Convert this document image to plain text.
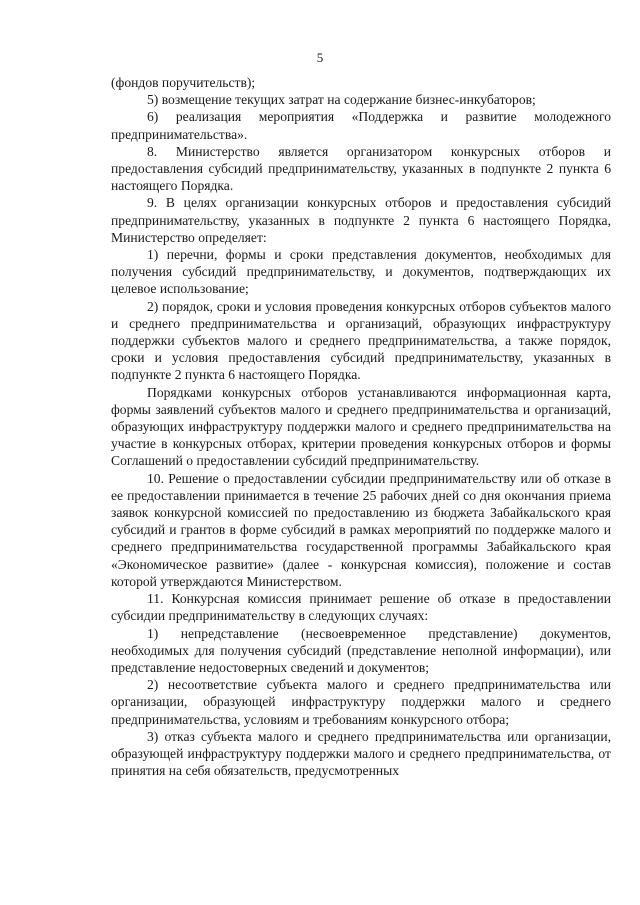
5

(фондов поручительств);

5) возмещение текущих затрат на содержание бизнес-инкубаторов;

6) реализация мероприятия «Поддержка и развитие молодежного предпринимательства».

8. Министерство является организатором конкурсных отборов и предоставления субсидий предпринимательству, указанных в подпункте 2 пункта 6 настоящего Порядка.

9. В целях организации конкурсных отборов и предоставления субсидий предпринимательству, указанных в подпункте 2 пункта 6 настоящего Порядка, Министерство определяет:

1) перечни, формы и сроки представления документов, необходимых для получения субсидий предпринимательству, и документов, подтверждающих их целевое использование;

2) порядок, сроки и условия проведения конкурсных отборов субъектов малого и среднего предпринимательства и организаций, образующих инфраструктуру поддержки субъектов малого и среднего предпринимательства, а также порядок, сроки и условия предоставления субсидий предпринимательству, указанных в подпункте 2 пункта 6 настоящего Порядка.

Порядками конкурсных отборов устанавливаются информационная карта, формы заявлений субъектов малого и среднего предпринимательства и организаций, образующих инфраструктуру поддержки малого и среднего предпринимательства на участие в конкурсных отборах, критерии проведения конкурсных отборов и формы Соглашений о предоставлении субсидий предпринимательству.

10. Решение о предоставлении субсидии предпринимательству или об отказе в ее предоставлении принимается в течение 25 рабочих дней со дня окончания приема заявок конкурсной комиссией по предоставлению из бюджета Забайкальского края субсидий и грантов в форме субсидий в рамках мероприятий по поддержке малого и среднего предпринимательства государственной программы Забайкальского края «Экономическое развитие» (далее - конкурсная комиссия), положение и состав которой утверждаются Министерством.

11. Конкурсная комиссия принимает решение об отказе в предоставлении субсидии предпринимательству в следующих случаях:

1) непредставление (несвоевременное представление) документов, необходимых для получения субсидий (представление неполной информации), или представление недостоверных сведений и документов;

2) несоответствие субъекта малого и среднего предпринимательства или организации, образующей инфраструктуру поддержки малого и среднего предпринимательства, условиям и требованиям конкурсного отбора;

3) отказ субъекта малого и среднего предпринимательства или организации, образующей инфраструктуру поддержки малого и среднего предпринимательства, от принятия на себя обязательств, предусмотренных
